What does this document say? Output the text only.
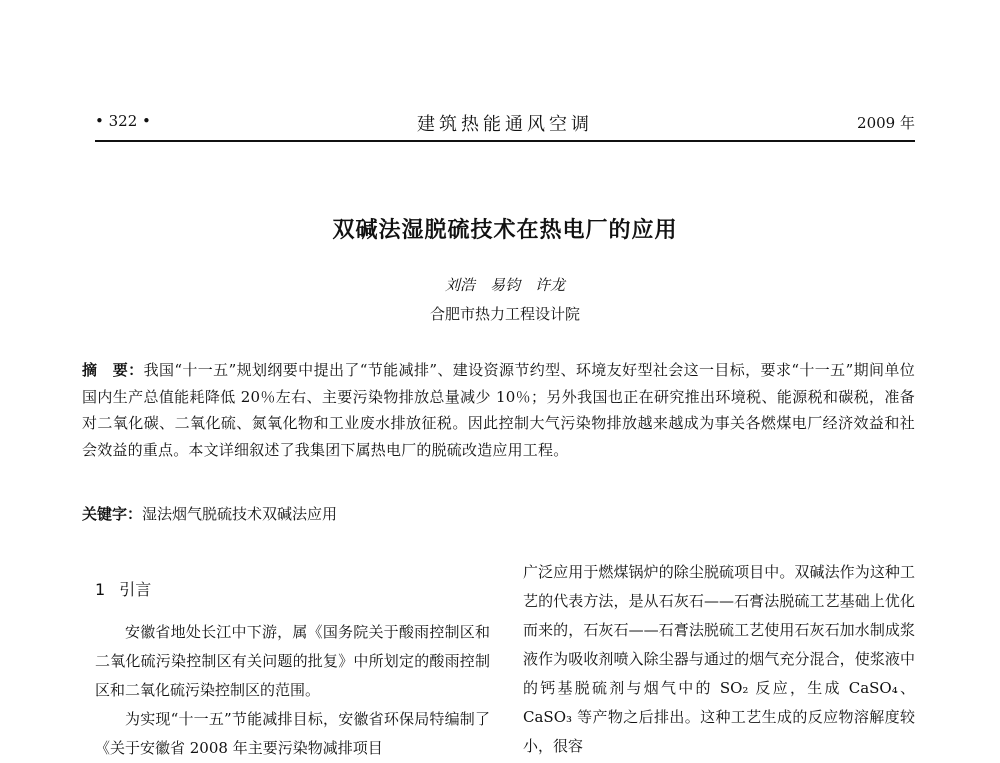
• 322 •	建筑热能通风空调	2009 年
双碱法湿脱硫技术在热电厂的应用
刘浩　易钧　许龙
合肥市热力工程设计院
摘　要：我国“十一五”规划纲要中提出了“节能减排”、建设资源节约型、环境友好型社会这一目标，要求“十一五”期间单位国内生产总值能耗降低 20％左右、主要污染物排放总量减少 10％；另外我国也正在研究推出环境税、能源税和碳税，准备对二氧化碳、二氧化硫、氮氧化物和工业废水排放征税。因此控制大气污染物排放越来越成为事关各燃煤电厂经济效益和社会效益的重点。本文详细叙述了我集团下属热电厂的脱硫改造应用工程。
关键字：湿法烟气脱硫技术双碱法应用
1 引言

安徽省地处长江中下游，属《国务院关于酸雨控制区和二氧化硫污染控制区有关问题的批复》中所划定的酸雨控制区和二氧化硫污染控制区的范围。

为实现“十一五”节能减排目标，安徽省环保局特编制了《关于安徽省 2008 年主要污染物减排项目

广泛应用于燃煤锅炉的除尘脱硫项目中。双碱法作为这种工艺的代表方法，是从石灰石——石膏法脱硫工艺基础上优化而来的，石灰石——石膏法脱硫工艺使用石灰石加水制成浆液作为吸收剂喷入除尘器与通过的烟气充分混合，使浆液中的钙基脱硫剂与烟气中的 SO₂ 反应，生成 CaSO₄、CaSO₃ 等产物之后排出。这种工艺生成的反应物溶解度较小，很容
